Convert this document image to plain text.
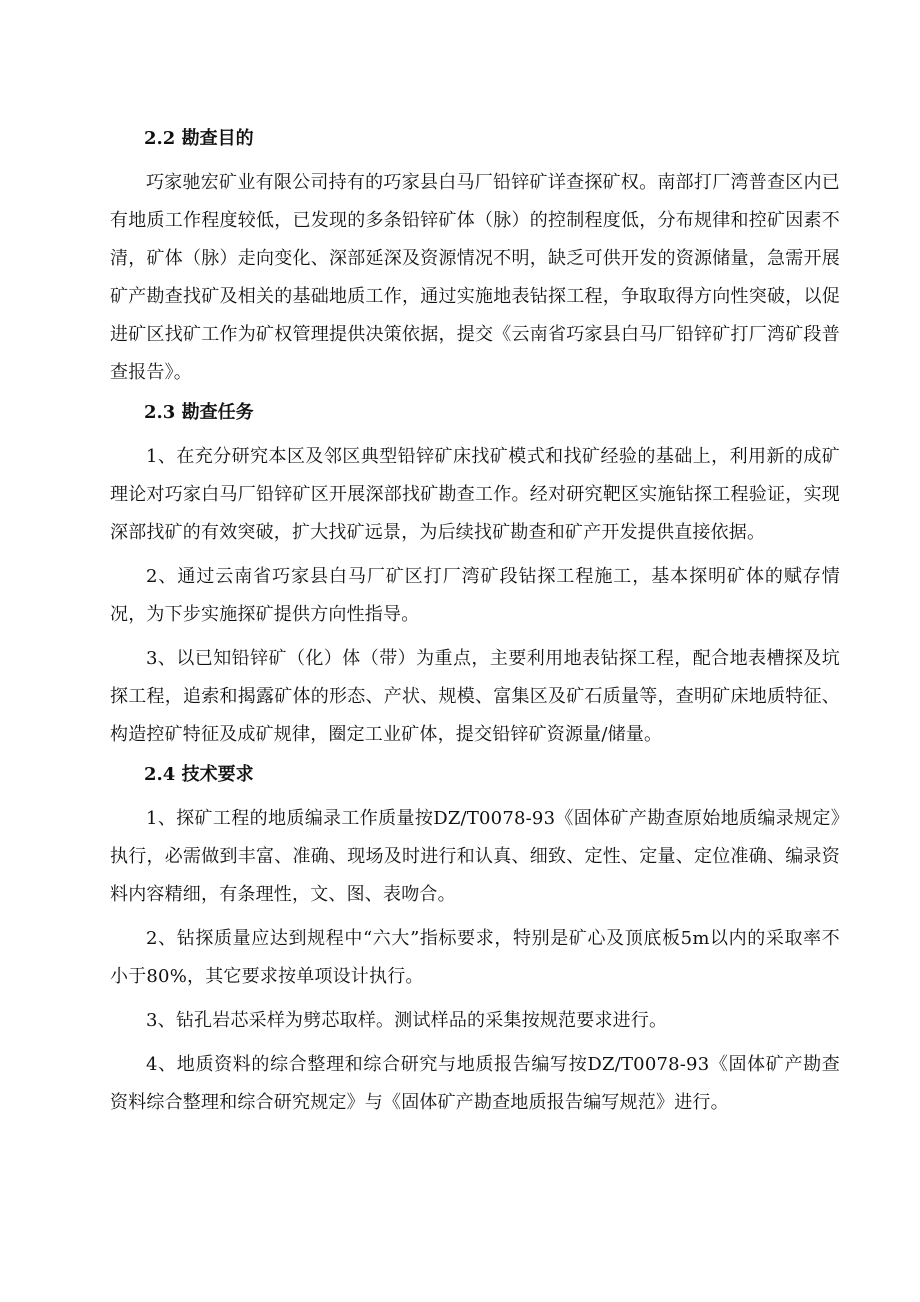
2.2 勘查目的

巧家驰宏矿业有限公司持有的巧家县白马厂铅锌矿详查探矿权。南部打厂湾普查区内已有地质工作程度较低，已发现的多条铅锌矿体（脉）的控制程度低，分布规律和控矿因素不清，矿体（脉）走向变化、深部延深及资源情况不明，缺乏可供开发的资源储量，急需开展矿产勘查找矿及相关的基础地质工作，通过实施地表钻探工程，争取取得方向性突破，以促进矿区找矿工作为矿权管理提供决策依据，提交《云南省巧家县白马厂铅锌矿打厂湾矿段普查报告》。

2.3 勘查任务

1、在充分研究本区及邻区典型铅锌矿床找矿模式和找矿经验的基础上，利用新的成矿理论对巧家白马厂铅锌矿区开展深部找矿勘查工作。经对研究靶区实施钻探工程验证，实现深部找矿的有效突破，扩大找矿远景，为后续找矿勘查和矿产开发提供直接依据。

2、通过云南省巧家县白马厂矿区打厂湾矿段钻探工程施工，基本探明矿体的赋存情况，为下步实施探矿提供方向性指导。

3、以已知铅锌矿（化）体（带）为重点，主要利用地表钻探工程，配合地表槽探及坑探工程，追索和揭露矿体的形态、产状、规模、富集区及矿石质量等，查明矿床地质特征、构造控矿特征及成矿规律，圈定工业矿体，提交铅锌矿资源量/储量。

2.4 技术要求

1、探矿工程的地质编录工作质量按DZ/T0078-93《固体矿产勘查原始地质编录规定》执行，必需做到丰富、准确、现场及时进行和认真、细致、定性、定量、定位准确、编录资料内容精细，有条理性，文、图、表吻合。

2、钻探质量应达到规程中“六大”指标要求，特别是矿心及顶底板5m以内的采取率不小于80%，其它要求按单项设计执行。

3、钻孔岩芯采样为劈芯取样。测试样品的采集按规范要求进行。

4、地质资料的综合整理和综合研究与地质报告编写按DZ/T0078-93《固体矿产勘查资料综合整理和综合研究规定》与《固体矿产勘查地质报告编写规范》进行。
